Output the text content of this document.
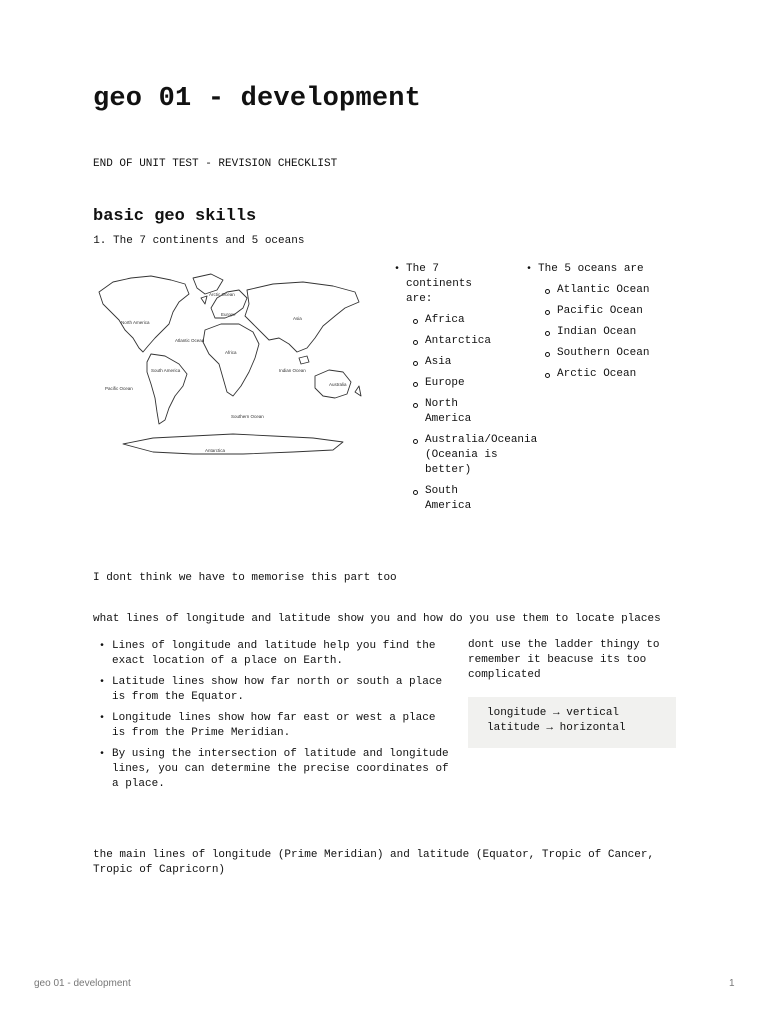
geo 01 - development
END OF UNIT TEST - REVISION CHECKLIST
basic geo skills
1. The 7 continents and 5 oceans
North America
Atlantic Ocean
Europe
Asia
Africa
Pacific Ocean
Indian Ocean
South America
Australia
Southern Ocean
Antarctica
Arctic Ocean
• The 7 continents are:
Africa
Antarctica
Asia
Europe
North America
Australia/Oceania (Oceania is better)
South America
• The 5 oceans are
Atlantic Ocean
Pacific Ocean
Indian Ocean
Southern Ocean
Arctic Ocean
I dont think we have to memorise this part too
what lines of longitude and latitude show you and how do you use them to locate places
• Lines of longitude and latitude help you find the exact location of a place on Earth.
• Latitude lines show how far north or south a place is from the Equator.
• Longitude lines show how far east or west a place is from the Prime Meridian.
• By using the intersection of latitude and longitude lines, you can determine the precise coordinates of a place.
dont use the ladder thingy to remember it beacuse its too complicated
longitude → vertical
latitude → horizontal
the main lines of longitude (Prime Meridian) and latitude (Equator, Tropic of Cancer, Tropic of Capricorn)
geo 01 - development	1
